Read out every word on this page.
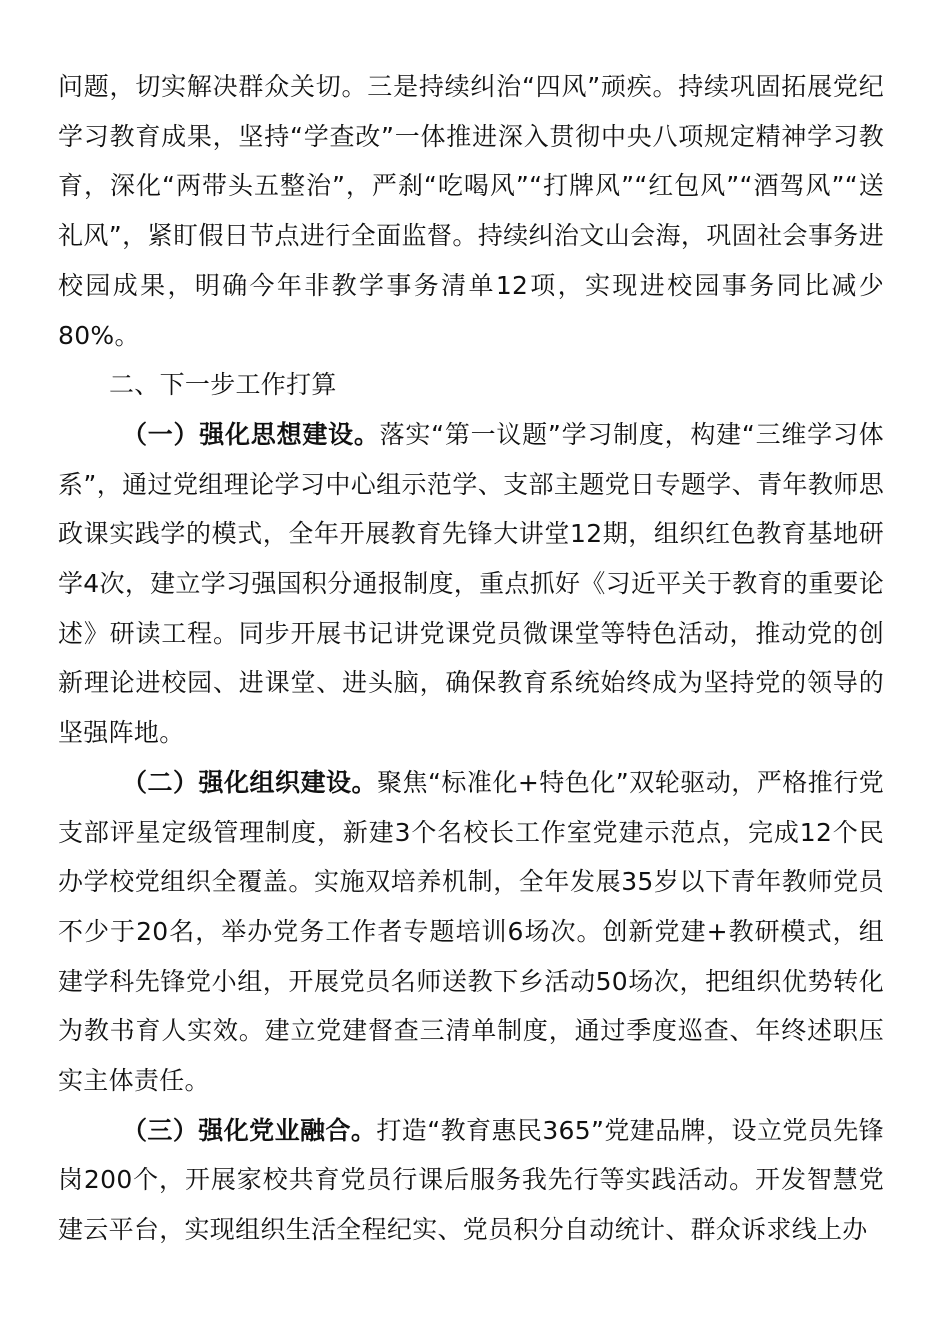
问题，切实解决群众关切。三是持续纠治“四风”顽疾。持续巩固拓展党纪学习教育成果，坚持“学查改”一体推进深入贯彻中央八项规定精神学习教育，深化“两带头五整治”，严刹“吃喝风”“打牌风”“红包风”“酒驾风”“送礼风”，紧盯假日节点进行全面监督。持续纠治文山会海，巩固社会事务进校园成果，明确今年非教学事务清单12项，实现进校园事务同比减少80%。

二、下一步工作打算

（一）强化思想建设。落实“第一议题”学习制度，构建“三维学习体系”，通过党组理论学习中心组示范学、支部主题党日专题学、青年教师思政课实践学的模式，全年开展教育先锋大讲堂12期，组织红色教育基地研学4次，建立学习强国积分通报制度，重点抓好《习近平关于教育的重要论述》研读工程。同步开展书记讲党课党员微课堂等特色活动，推动党的创新理论进校园、进课堂、进头脑，确保教育系统始终成为坚持党的领导的坚强阵地。

（二）强化组织建设。聚焦“标准化+特色化”双轮驱动，严格推行党支部评星定级管理制度，新建3个名校长工作室党建示范点，完成12个民办学校党组织全覆盖。实施双培养机制，全年发展35岁以下青年教师党员不少于20名，举办党务工作者专题培训6场次。创新党建+教研模式，组建学科先锋党小组，开展党员名师送教下乡活动50场次，把组织优势转化为教书育人实效。建立党建督查三清单制度，通过季度巡查、年终述职压实主体责任。

（三）强化党业融合。打造“教育惠民365”党建品牌，设立党员先锋岗200个，开展家校共育党员行课后服务我先行等实践活动。开发智慧党建云平台，实现组织生活全程纪实、党员积分自动统计、群众诉求线上办
